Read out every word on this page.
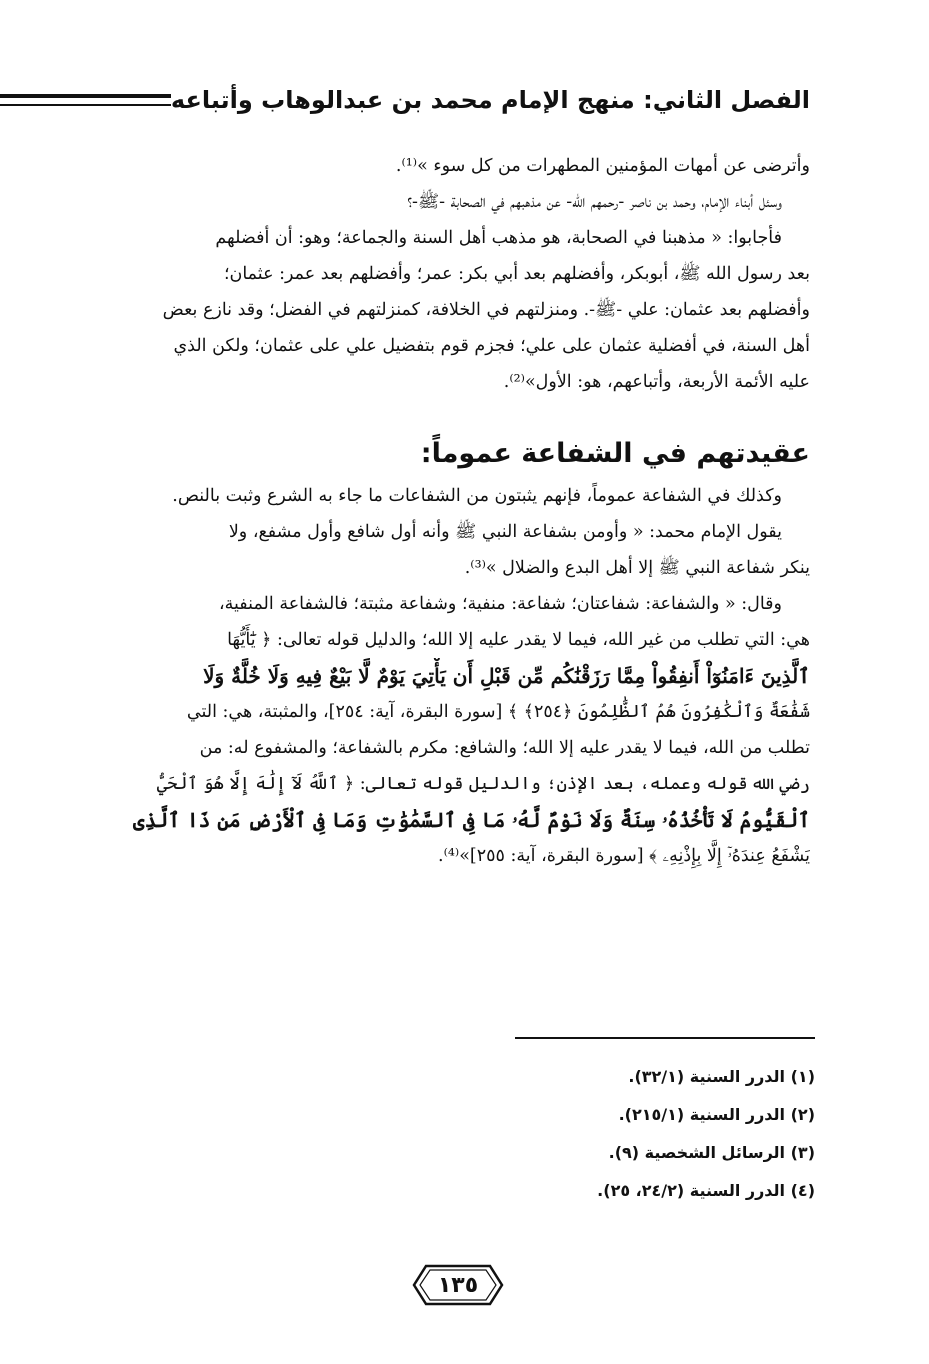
الفصل الثاني: منهج الإمام محمد بن عبدالوهاب وأتباعه

وأترضى عن أمهات المؤمنين المطهرات من كل سوء »⁽¹⁾.

وسئل أبناء الإمام، وحمد بن ناصر -رحمهم الله- عن مذهبهم في الصحابة -ﷺ-؟

فأجابوا: « مذهبنا في الصحابة، هو مذهب أهل السنة والجماعة؛ وهو: أن أفضلهم

بعد رسول الله ﷺ، أبوبكر، وأفضلهم بعد أبي بكر: عمر؛ وأفضلهم بعد عمر: عثمان؛

وأفضلهم بعد عثمان: علي -ﷺ-. ومنزلتهم في الخلافة، كمنزلتهم في الفضل؛ وقد نازع بعض

أهل السنة، في أفضلية عثمان على علي؛ فجزم قوم بتفضيل علي على عثمان؛ ولكن الذي

عليه الأئمة الأربعة، وأتباعهم، هو: الأول»⁽²⁾.

عقيدتهم في الشفاعة عموماً:

وكذلك في الشفاعة عموماً، فإنهم يثبتون من الشفاعات ما جاء به الشرع وثبت بالنص.

يقول الإمام محمد: « وأومن بشفاعة النبي ﷺ وأنه أول شافع وأول مشفع، ولا

ينكر شفاعة النبي ﷺ إلا أهل البدع والضلال »⁽³⁾.

وقال: « والشفاعة: شفاعتان؛ شفاعة: منفية؛ وشفاعة مثبتة؛ فالشفاعة المنفية،

هي: التي تطلب من غير الله، فيما لا يقدر عليه إلا الله؛ والدليل قوله تعالى: ﴿ يَٰٓأَيُّهَا

ٱلَّذِينَ ءَامَنُوٓاْ أَنفِقُواْ مِمَّا رَزَقْنَٰكُم مِّن قَبْلِ أَن يَأْتِيَ يَوْمٌ لَّا بَيْعٌ فِيهِ وَلَا خُلَّةٌ وَلَا

شَفَٰعَةٌ وَٱلْكَٰفِرُونَ هُمُ ٱلظَّٰلِمُونَ ﴿٢٥٤﴾ ﴾ [سورة البقرة، آية: ٢٥٤]، والمثبتة، هي: التي

تطلب من الله، فيما لا يقدر عليه إلا الله؛ والشافع: مكرم بالشفاعة؛ والمشفوع له: من

رضي الله قوله وعمله، بعد الإذن؛ والدليل قوله تعالى: ﴿ ٱللَّهُ لَآ إِلَٰهَ إِلَّا هُوَ ٱلْحَيُّ

ٱلْقَيُّومُ لَا تَأْخُذُهُۥ سِنَةٌ وَلَا نَوْمٌ لَّهُۥ مَا فِى ٱلسَّمَٰوَٰتِ وَمَا فِى ٱلْأَرْضِ مَن ذَا ٱلَّذِى

يَشْفَعُ عِندَهُۥٓ إِلَّا بِإِذْنِهِۦ ﴾ [سورة البقرة، آية: ٢٥٥]»⁽⁴⁾.

(١) الدرر السنية (٣٢/١).

(٢) الدرر السنية (٢١٥/١).

(٣) الرسائل الشخصية (٩).

(٤) الدرر السنية (٢٤/٢، ٢٥).

١٣٥
